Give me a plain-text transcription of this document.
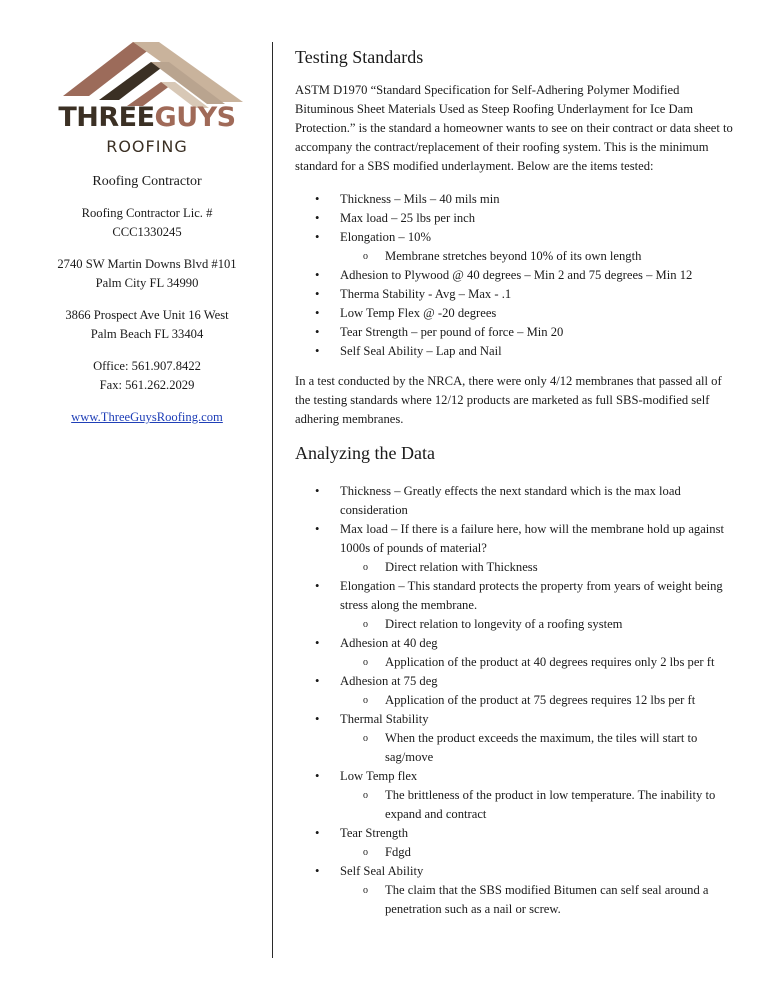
THREEGUYS
ROOFING
Roofing Contractor
Roofing Contractor Lic. #
CCC1330245
2740 SW Martin Downs Blvd #101
Palm City FL 34990
3866 Prospect Ave Unit 16 West
Palm Beach FL 33404
Office: 561.907.8422
Fax: 561.262.2029
www.ThreeGuysRoofing.com
Testing Standards

ASTM D1970 “Standard Specification for Self-Adhering Polymer Modified Bituminous Sheet Materials Used as Steep Roofing Underlayment for Ice Dam Protection.” is the standard a homeowner wants to see on their contract or data sheet to accompany the contract/replacement of their roofing system. This is the minimum standard for a SBS modified underlayment. Below are the items tested:

• Thickness – Mils – 40 mils min
• Max load – 25 lbs per inch
• Elongation – 10%
o Membrane stretches beyond 10% of its own length
• Adhesion to Plywood @ 40 degrees – Min 2 and 75 degrees – Min 12
• Therma Stability - Avg – Max - .1
• Low Temp Flex @ -20 degrees
• Tear Strength – per pound of force – Min 20
• Self Seal Ability – Lap and Nail

In a test conducted by the NRCA, there were only 4/12 membranes that passed all of the testing standards where 12/12 products are marketed as full SBS-modified self adhering membranes.

Analyzing the Data
• Thickness – Greatly effects the next standard which is the max load consideration
• Max load – If there is a failure here, how will the membrane hold up against 1000s of pounds of material?
o Direct relation with Thickness
• Elongation – This standard protects the property from years of weight being stress along the membrane.
o Direct relation to longevity of a roofing system
• Adhesion at 40 deg
o Application of the product at 40 degrees requires only 2 lbs per ft
• Adhesion at 75 deg
o Application of the product at 75 degrees requires 12 lbs per ft
• Thermal Stability
o When the product exceeds the maximum, the tiles will start to sag/move
• Low Temp flex
o The brittleness of the product in low temperature. The inability to expand and contract
• Tear Strength
o Fdgd
• Self Seal Ability
o The claim that the SBS modified Bitumen can self seal around a penetration such as a nail or screw.
